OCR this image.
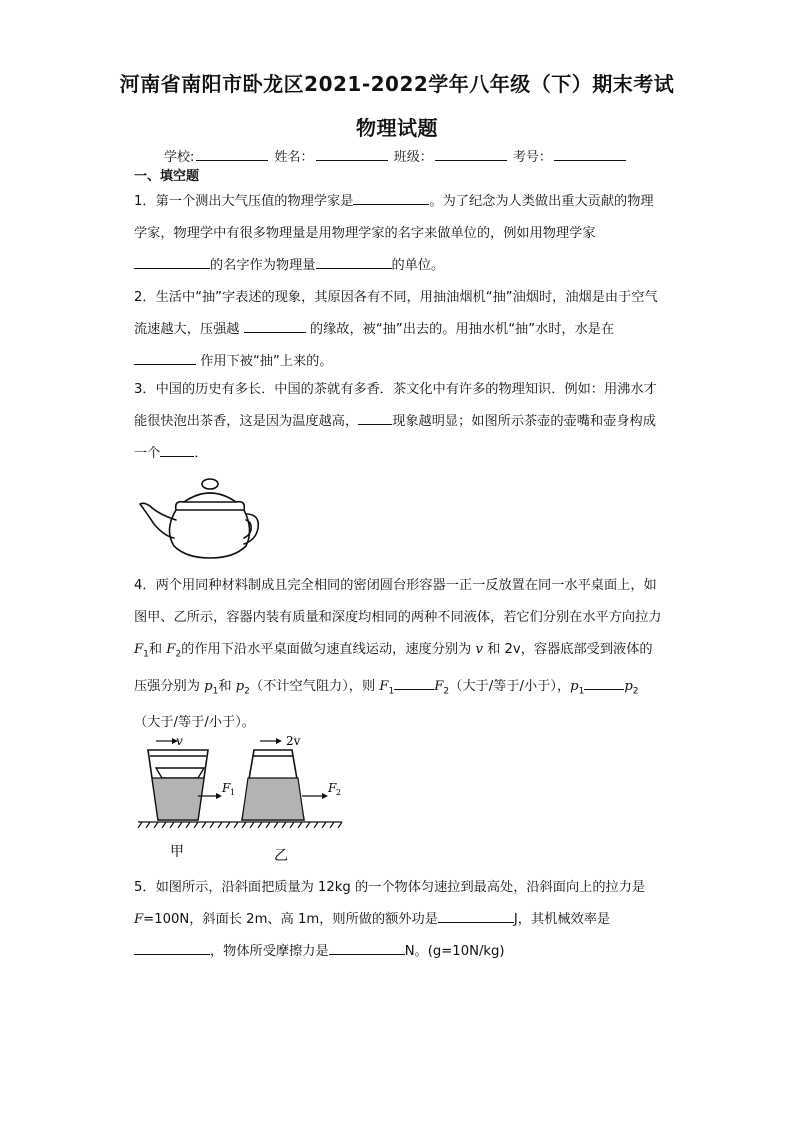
河南省南阳市卧龙区2021-2022学年八年级（下）期末考试
物理试题
学校:	姓名：	班级：	考号：
一、填空题
1．第一个测出大气压值的物理学家是	。为了纪念为人类做出重大贡献的物理学家，物理学中有很多物理量是用物理学家的名字来做单位的，例如用物理学家的名字作为物理量	的单位。
2．生活中“抽”字表述的现象，其原因各有不同，用抽油烟机“抽”油烟时，油烟是由于空气流速越大，压强越	的缘故，被“抽”出去的。用抽水机“抽”水时，水是在  作用下被“抽”上来的。
3．中国的历史有多长．中国的茶就有多香．茶文化中有许多的物理知识．例如：用沸水才能很快泡出茶香，这是因为温度越高，	现象越明显；如图所示茶壶的壶嘴和壶身构成一个	．
4．两个用同种材料制成且完全相同的密闭圆台形容器一正一反放置在同一水平桌面上，如图甲、乙所示，容器内装有质量和深度均相同的两种不同液体，若它们分别在水平方向拉力 $F_1$和 $F_2$的作用下沿水平桌面做匀速直线运动，速度分别为 v 和 2v，容器底部受到液体的压强分别为 $p_1$和 $p_2$（不计空气阻力），则 $F_1$	$F_2$（大于/等于/小于），$p_1$	$p_2$（大于/等于/小于）。
v
F 1
2v
F 2
甲	乙
5．如图所示，沿斜面把质量为 12kg 的一个物体匀速拉到最高处，沿斜面向上的拉力是 F=100N，斜面长 2m、高 1m，则所做的额外功是	J，其机械效率是，物体所受摩擦力是	N。(g=10N/kg)
